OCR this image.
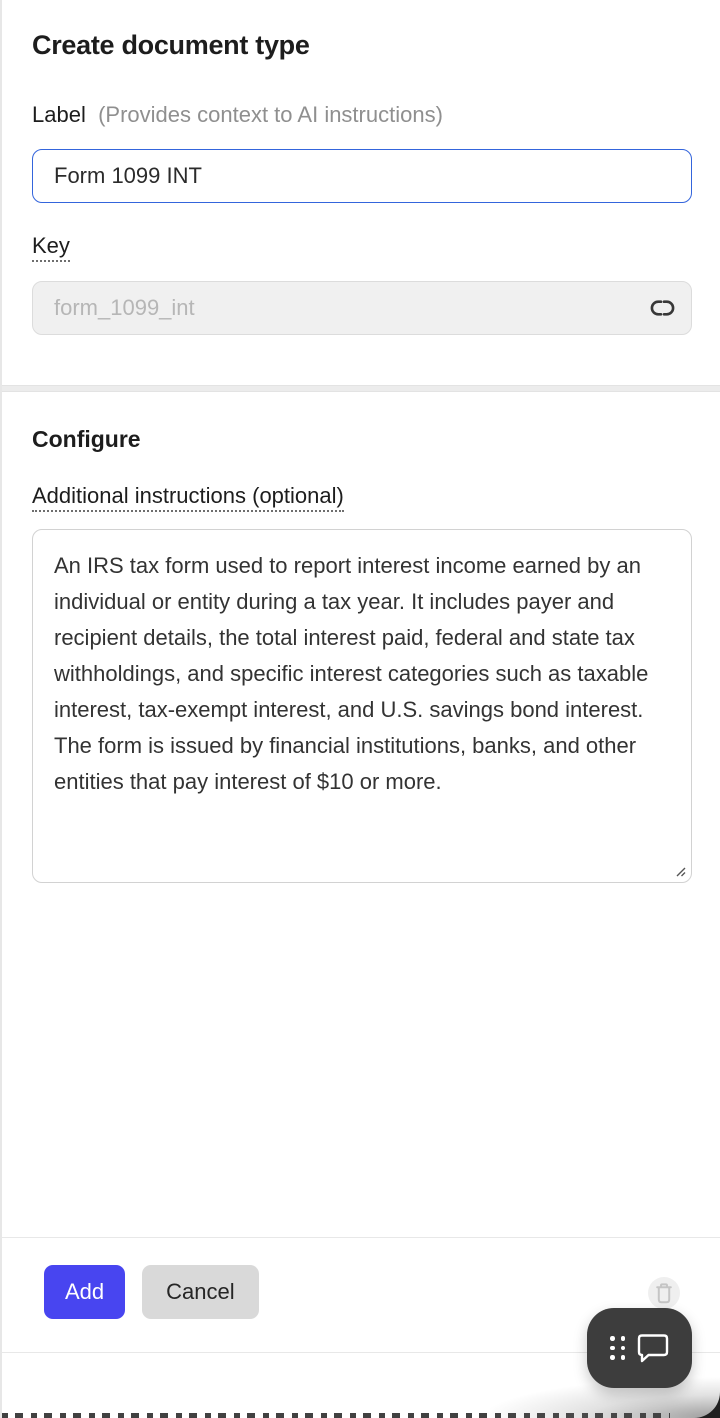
Create document type
Label (Provides context to AI instructions)
Form 1099 INT
Key
form_1099_int
Configure
Additional instructions (optional)
An IRS tax form used to report interest income earned by an individual or entity during a tax year. It includes payer and recipient details, the total interest paid, federal and state tax withholdings, and specific interest categories such as taxable interest, tax-exempt interest, and U.S. savings bond interest. The form is issued by financial institutions, banks, and other entities that pay interest of $10 or more.
Add	Cancel
